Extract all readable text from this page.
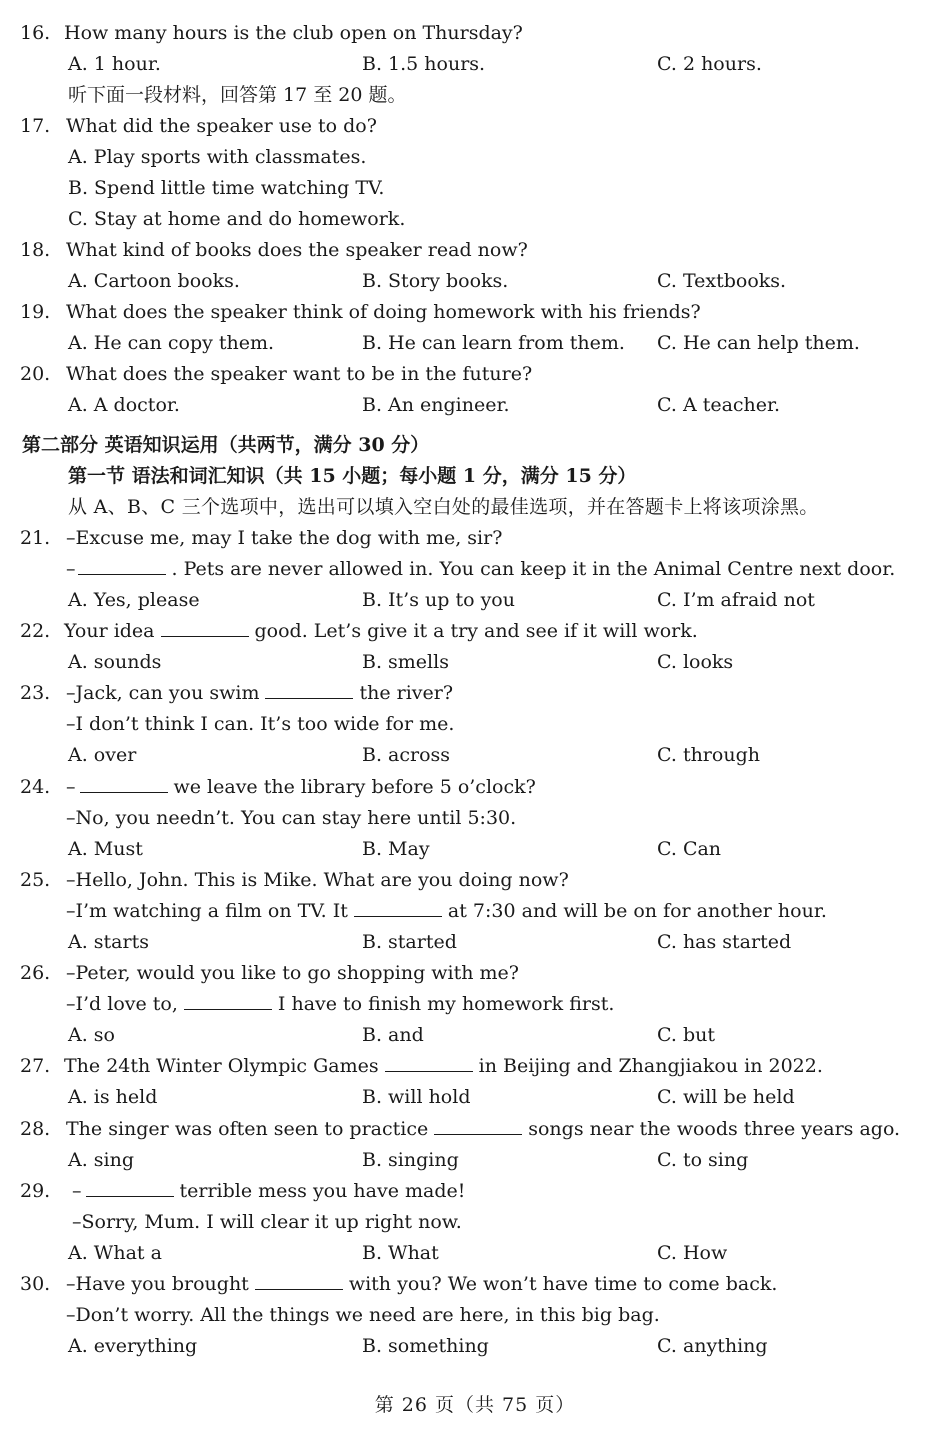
16. How many hours is the club open on Thursday?
A. 1 hour.	B. 1.5 hours.	C. 2 hours.
听下面一段材料，回答第 17 至 20 题。
17. What did the speaker use to do?
A. Play sports with classmates.
B. Spend little time watching TV.
C. Stay at home and do homework.
18. What kind of books does the speaker read now?
A. Cartoon books.	B. Story books.	C. Textbooks.
19. What does the speaker think of doing homework with his friends?
A. He can copy them.	B. He can learn from them. C. He can help them.
20. What does the speaker want to be in the future?
A. A doctor.	B. An engineer.	C. A teacher.
第二部分 英语知识运用（共两节，满分 30 分）
第一节 语法和词汇知识（共 15 小题；每小题 1 分，满分 15 分）
从 A、B、C 三个选项中，选出可以填入空白处的最佳选项，并在答题卡上将该项涂黑。
21. –Excuse me, may I take the dog with me, sir?
–	. Pets are never allowed in. You can keep it in the Animal Centre next door.
A. Yes, please	B. It’s up to you	C. I’m afraid not
22. Your idea	good. Let’s give it a try and see if it will work.
A. sounds	B. smells	C. looks
23. –Jack, can you swim	the river?
–I don’t think I can. It’s too wide for me.
A. over	B. across	C. through
24. –	we leave the library before 5 o’clock?
–No, you needn’t. You can stay here until 5:30.
A. Must	B. May	C. Can
25. –Hello, John. This is Mike. What are you doing now?
–I’m watching a film on TV. It	at 7:30 and will be on for another hour.
A. starts	B. started	C. has started
26. –Peter, would you like to go shopping with me?
–I’d love to,	I have to finish my homework first.
A. so	B. and	C. but
27. The 24th Winter Olympic Games	in Beijing and Zhangjiakou in 2022.
A. is held	B. will hold	C. will be held
28. The singer was often seen to practice	songs near the woods three years ago.
A. sing	B. singing	C. to sing
29. –	terrible mess you have made!
–Sorry, Mum. I will clear it up right now.
A. What a	B. What	C. How
30. –Have you brought	with you? We won’t have time to come back.
–Don’t worry. All the things we need are here, in this big bag.
A. everything	B. something	C. anything
第 26 页（共 75 页）
